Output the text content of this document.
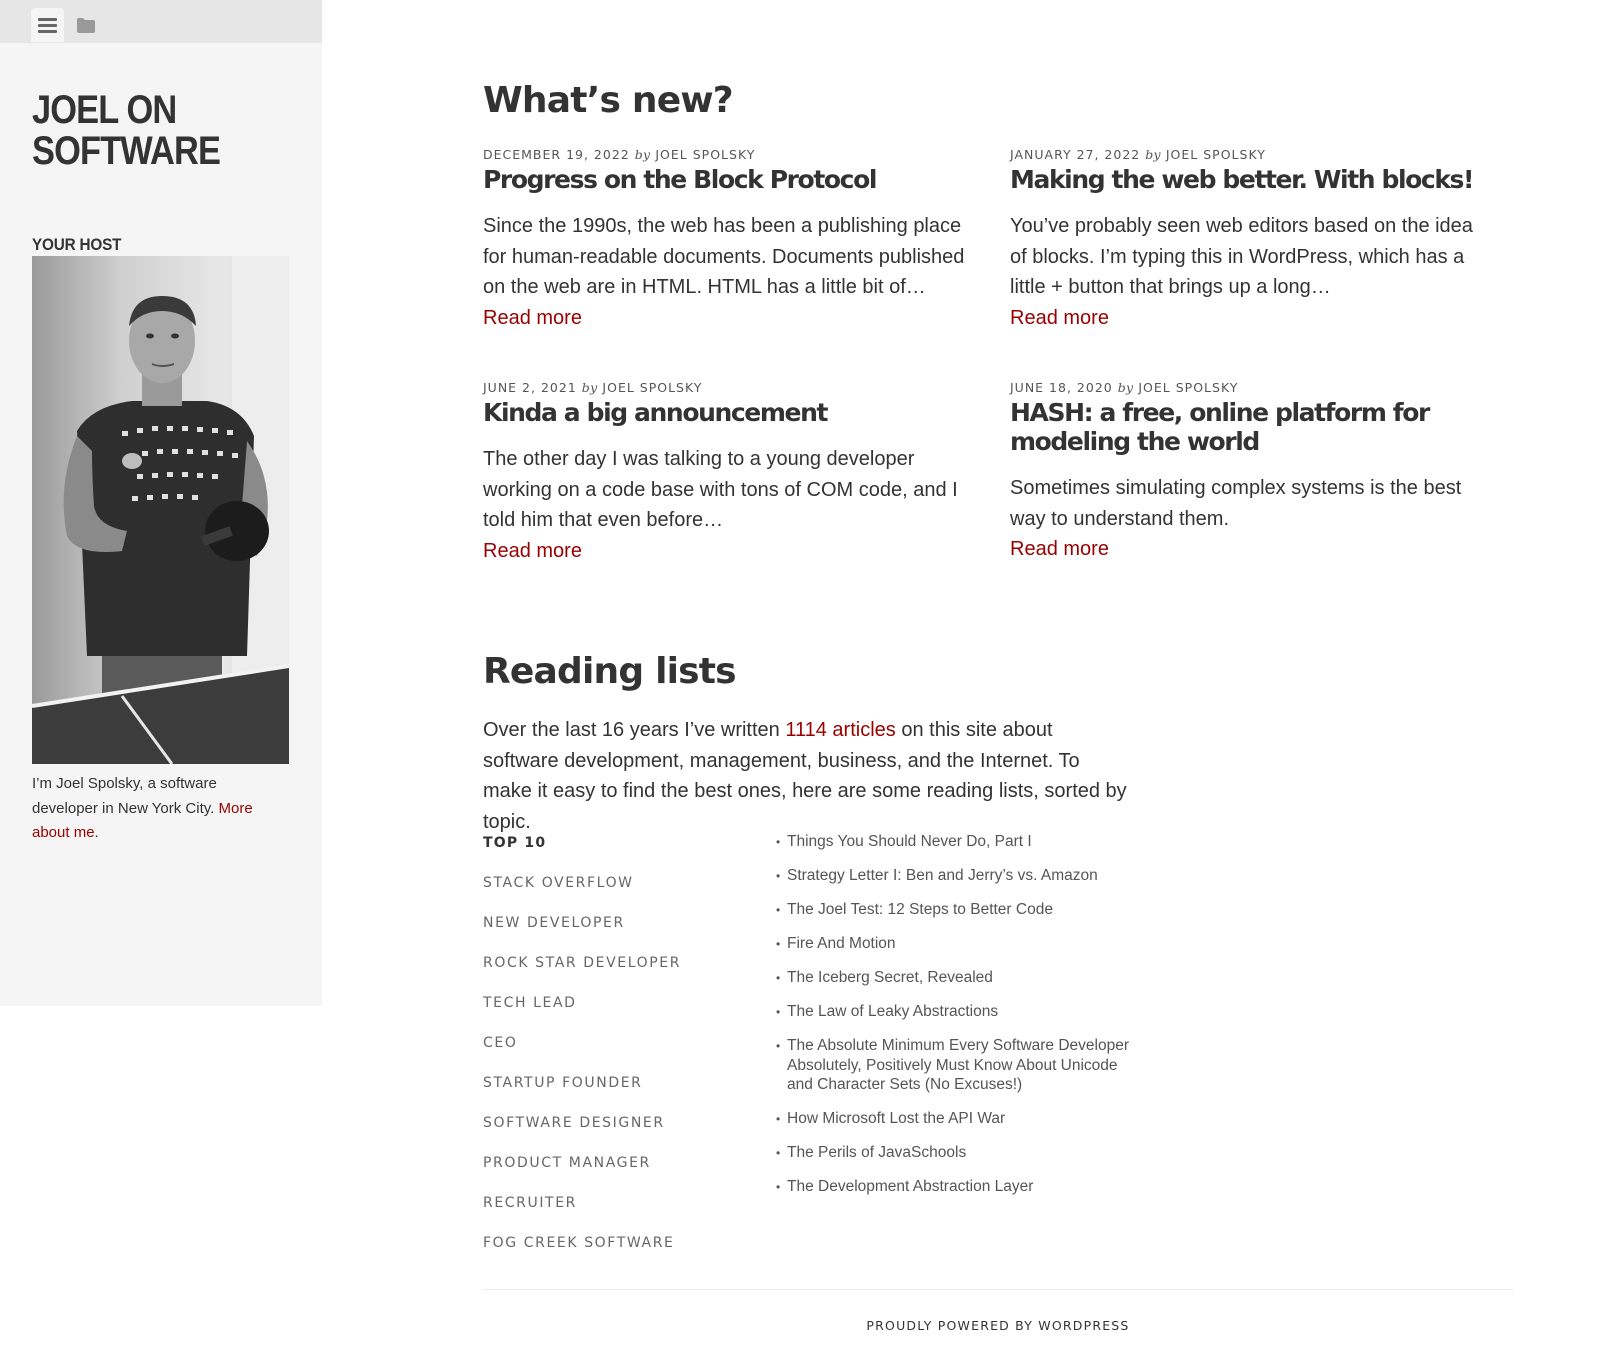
JOEL ON SOFTWARE
YOUR HOST

I’m Joel Spolsky, a software developer in New York City. More about me.

What’s new?
DECEMBER 19, 2022 by JOEL SPOLSKY
Progress on the Block Protocol

Since the 1990s, the web has been a publishing place for human-readable documents. Documents published on the web are in HTML. HTML has a little bit of…
Read more

JANUARY 27, 2022 by JOEL SPOLSKY
Making the web better. With blocks!

You’ve probably seen web editors based on the idea of blocks. I’m typing this in WordPress, which has a little + button that brings up a long…
Read more

JUNE 2, 2021 by JOEL SPOLSKY
Kinda a big announcement

The other day I was talking to a young developer working on a code base with tons of COM code, and I told him that even before…
Read more

JUNE 18, 2020 by JOEL SPOLSKY
HASH: a free, online platform for modeling the world

Sometimes simulating complex systems is the best way to understand them.
Read more

Reading lists

Over the last 16 years I’ve written 1114 articles on this site about software development, management, business, and the Internet. To make it easy to find the best ones, here are some reading lists, sorted by topic.

TOP 10
STACK OVERFLOW
NEW DEVELOPER
ROCK STAR DEVELOPER
TECH LEAD
CEO
STARTUP FOUNDER
SOFTWARE DESIGNER
PRODUCT MANAGER
RECRUITER
FOG CREEK SOFTWARE
• Things You Should Never Do, Part I
• Strategy Letter I: Ben and Jerry’s vs. Amazon
• The Joel Test: 12 Steps to Better Code
• Fire And Motion
• The Iceberg Secret, Revealed
• The Law of Leaky Abstractions
• The Absolute Minimum Every Software Developer Absolutely, Positively Must Know About Unicode and Character Sets (No Excuses!)
• How Microsoft Lost the API War
• The Perils of JavaSchools
• The Development Abstraction Layer
PROUDLY POWERED BY WORDPRESS
